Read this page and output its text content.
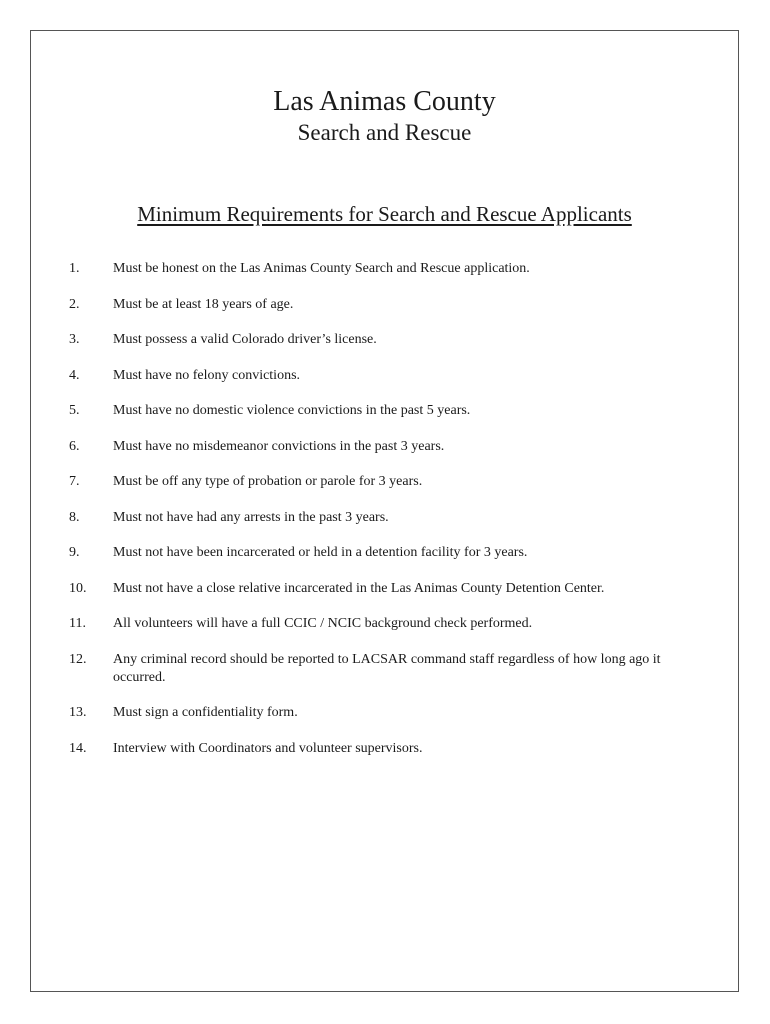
Las Animas County
Search and Rescue
Minimum Requirements for Search and Rescue Applicants
1. Must be honest on the Las Animas County Search and Rescue application.
2. Must be at least 18 years of age.
3. Must possess a valid Colorado driver’s license.
4. Must have no felony convictions.
5. Must have no domestic violence convictions in the past 5 years.
6. Must have no misdemeanor convictions in the past 3 years.
7. Must be off any type of probation or parole for 3 years.
8. Must not have had any arrests in the past 3 years.
9. Must not have been incarcerated or held in a detention facility for 3 years.
10. Must not have a close relative incarcerated in the Las Animas County Detention Center.
11. All volunteers will have a full CCIC / NCIC background check performed.
12. Any criminal record should be reported to LACSAR command staff regardless of how long ago it occurred.
13. Must sign a confidentiality form.
14. Interview with Coordinators and volunteer supervisors.
